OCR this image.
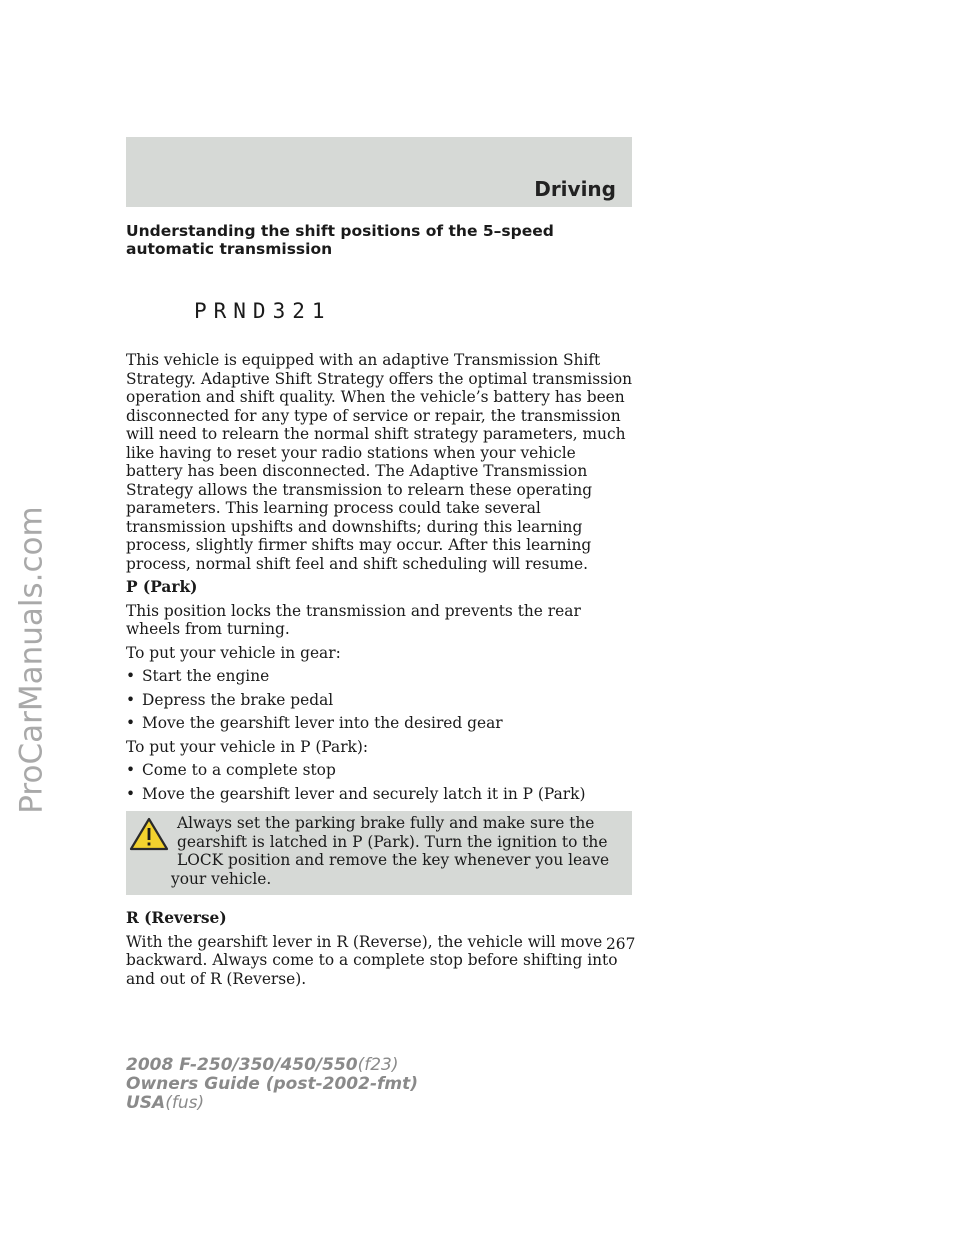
ProCarManuals.com
Driving
Understanding the shift positions of the 5–speed automatic transmission
PRND321

This vehicle is equipped with an adaptive Transmission Shift Strategy. Adaptive Shift Strategy offers the optimal transmission operation and shift quality. When the vehicle’s battery has been disconnected for any type of service or repair, the transmission will need to relearn the normal shift strategy parameters, much like having to reset your radio stations when your vehicle battery has been disconnected. The Adaptive Transmission Strategy allows the transmission to relearn these operating parameters. This learning process could take several transmission upshifts and downshifts; during this learning process, slightly firmer shifts may occur. After this learning process, normal shift feel and shift scheduling will resume.

P (Park)

This position locks the transmission and prevents the rear wheels from turning.

To put your vehicle in gear:

• Start the engine
• Depress the brake pedal
• Move the gearshift lever into the desired gear

To put your vehicle in P (Park):

• Come to a complete stop
• Move the gearshift lever and securely latch it in P (Park)

Always set the parking brake fully and make sure the gearshift is latched in P (Park). Turn the ignition to the LOCK position and remove the key whenever you leave your vehicle.

R (Reverse)

With the gearshift lever in R (Reverse), the vehicle will move backward. Always come to a complete stop before shifting into and out of R (Reverse).

267
2008 F-250/350/450/550(f23)
Owners Guide (post-2002-fmt)
USA(fus)
